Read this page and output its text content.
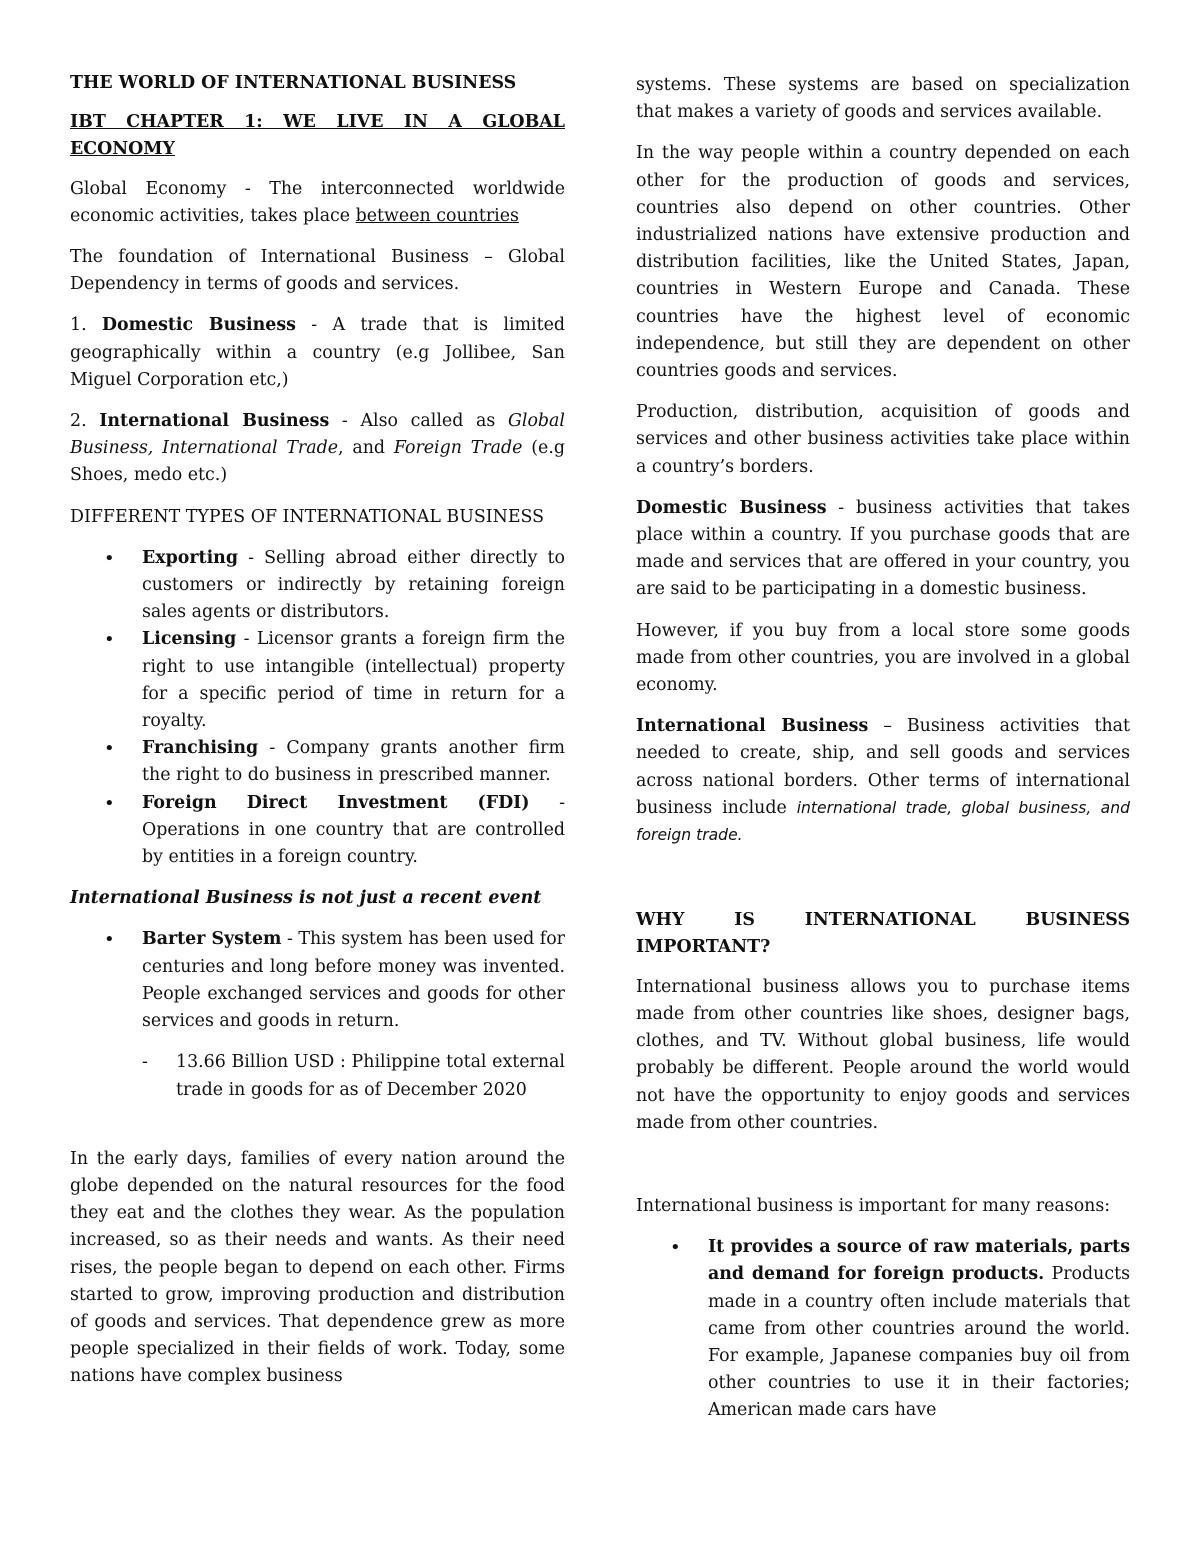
THE WORLD OF INTERNATIONAL BUSINESS

IBT CHAPTER 1: WE LIVE IN A GLOBAL ECONOMY

Global Economy - The interconnected worldwide economic activities, takes place between countries

The foundation of International Business – Global Dependency in terms of goods and services.

1. Domestic Business - A trade that is limited geographically within a country (e.g Jollibee, San Miguel Corporation etc,)

2. International Business - Also called as Global Business, International Trade, and Foreign Trade (e.g Shoes, medo etc.)

DIFFERENT TYPES OF INTERNATIONAL BUSINESS

• Exporting - Selling abroad either directly to customers or indirectly by retaining foreign sales agents or distributors.
• Licensing - Licensor grants a foreign firm the right to use intangible (intellectual) property for a specific period of time in return for a royalty.
• Franchising - Company grants another firm the right to do business in prescribed manner.
• Foreign Direct Investment (FDI) - Operations in one country that are controlled by entities in a foreign country.

International Business is not just a recent event

• Barter System - This system has been used for centuries and long before money was invented. People exchanged services and goods for other services and goods in return.
- 13.66 Billion USD : Philippine total external trade in goods for as of December 2020

In the early days, families of every nation around the globe depended on the natural resources for the food they eat and the clothes they wear. As the population increased, so as their needs and wants. As their need rises, the people began to depend on each other. Firms started to grow, improving production and distribution of goods and services. That dependence grew as more people specialized in their fields of work. Today, some nations have complex business

systems. These systems are based on specialization that makes a variety of goods and services available.

In the way people within a country depended on each other for the production of goods and services, countries also depend on other countries. Other industrialized nations have extensive production and distribution facilities, like the United States, Japan, countries in Western Europe and Canada. These countries have the highest level of economic independence, but still they are dependent on other countries goods and services.

Production, distribution, acquisition of goods and services and other business activities take place within a country’s borders.

Domestic Business - business activities that takes place within a country. If you purchase goods that are made and services that are offered in your country, you are said to be participating in a domestic business.

However, if you buy from a local store some goods made from other countries, you are involved in a global economy.

International Business – Business activities that needed to create, ship, and sell goods and services across national borders. Other terms of international business include international trade, global business, and foreign trade.

WHY IS INTERNATIONAL BUSINESS IMPORTANT?

International business allows you to purchase items made from other countries like shoes, designer bags, clothes, and TV. Without global business, life would probably be different. People around the world would not have the opportunity to enjoy goods and services made from other countries.

International business is important for many reasons:

• It provides a source of raw materials, parts and demand for foreign products. Products made in a country often include materials that came from other countries around the world. For example, Japanese companies buy oil from other countries to use it in their factories; American made cars have
